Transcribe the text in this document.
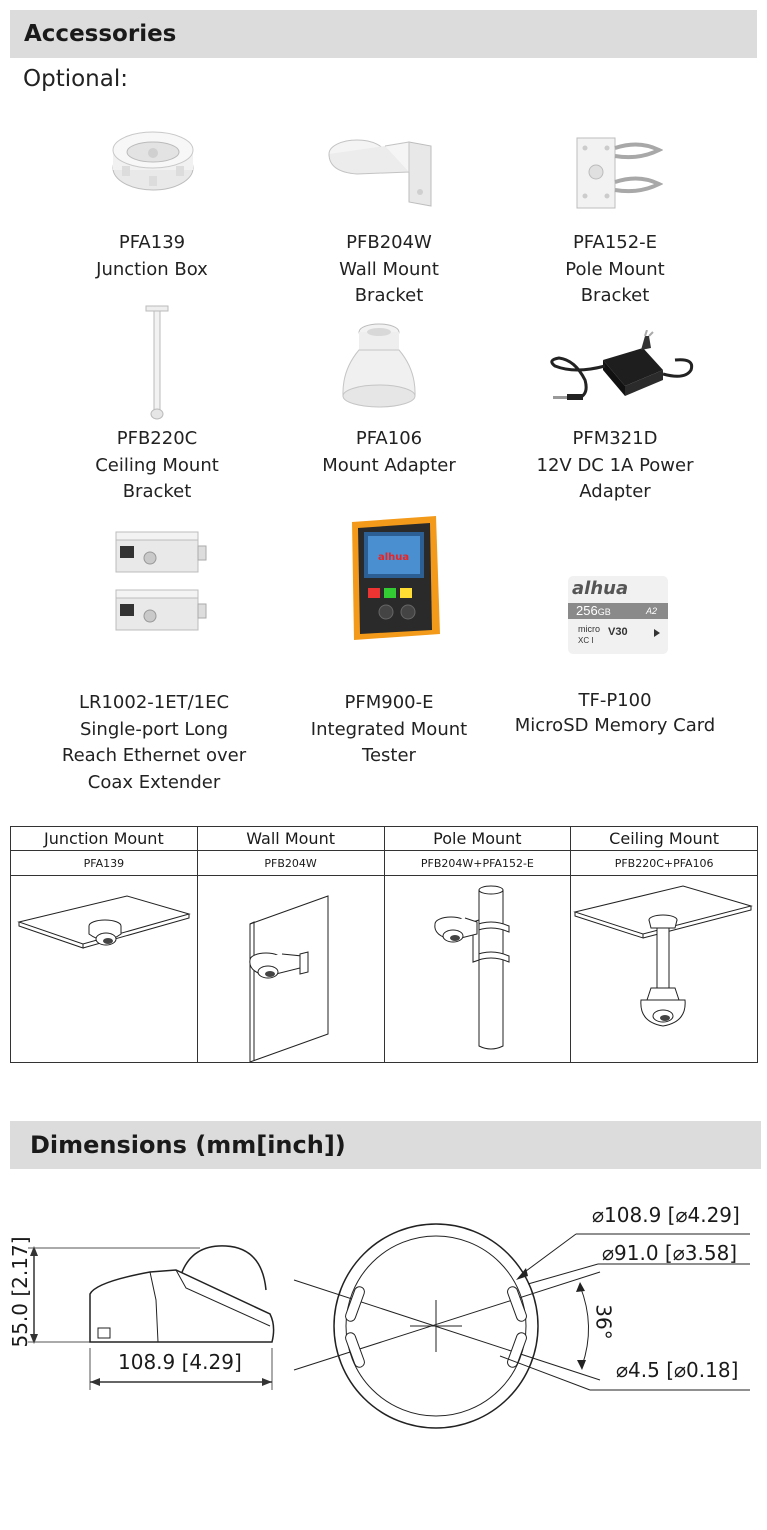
Accessories
Optional:
PFA139
Junction Box
PFB204W
Wall Mount
Bracket
PFA152-E
Pole Mount
Bracket
PFB220C
Ceiling Mount
Bracket
PFA106
Mount Adapter
PFM321D
12V DC 1A Power
Adapter
alhua
alhua
256GB	A2
micro
XC I
V30
LR1002-1ET/1EC
Single-port Long
Reach Ethernet over
Coax Extender
PFM900-E
Integrated Mount
Tester
TF-P100
MicroSD Memory Card
Junction Mount	Wall Mount	Pole Mount	Ceiling Mount
PFA139	PFB204W	PFB204W+PFA152-E	PFB220C+PFA106

Dimensions (mm[inch])
55.0 [2.17]
108.9 [4.29]
⌀108.9 [⌀4.29]
⌀91.0 [⌀3.58]
36°
⌀4.5 [⌀0.18]
